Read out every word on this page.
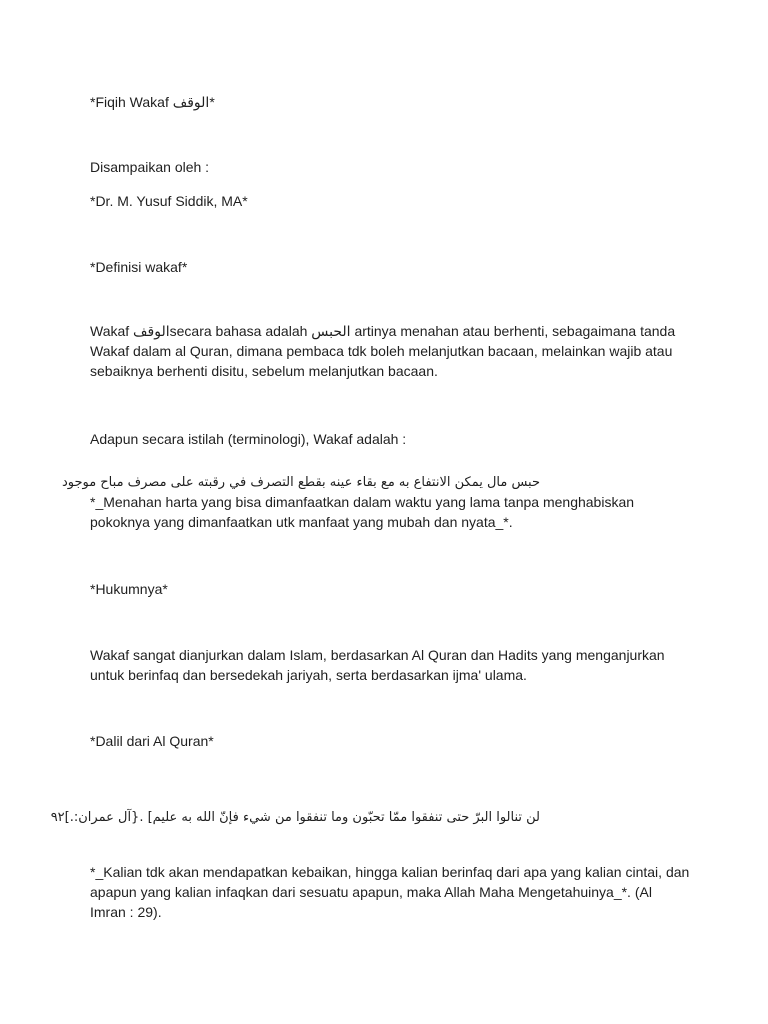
*Fiqih Wakaf الوقف*

Disampaikan oleh :

*Dr. M. Yusuf Siddik, MA*

*Definisi wakaf*

Wakaf الوقفsecara bahasa adalah الحبس artinya menahan atau berhenti, sebagaimana tanda
Wakaf dalam al Quran, dimana pembaca tdk boleh melanjutkan bacaan, melainkan wajib atau
sebaiknya berhenti disitu, sebelum melanjutkan bacaan.

Adapun secara istilah (terminologi), Wakaf adalah :

حبس مال يمكن الانتفاع به مع بقاء عينه بقطع التصرف في رقبته على مصرف مباح موجود

*_Menahan harta yang bisa dimanfaatkan dalam waktu yang lama tanpa menghabiskan
pokoknya yang dimanfaatkan utk manfaat yang mubah dan nyata_*.

*Hukumnya*

Wakaf sangat dianjurkan dalam Islam, berdasarkan Al Quran dan Hadits yang menganjurkan
untuk berinfaq dan bersedekah jariyah, serta berdasarkan ijma' ulama.

*Dalil dari Al Quran*

لن تنالوا البرّ حتى تنفقوا ممّا تحبّون وما تنفقوا من شيء فإنّ الله به عليم] .{آل عمران:.]٩٢

*_Kalian tdk akan mendapatkan kebaikan, hingga kalian berinfaq dari apa yang kalian cintai, dan
apapun yang kalian infaqkan dari sesuatu apapun, maka Allah Maha Mengetahuinya_*. (Al
Imran : 29).
